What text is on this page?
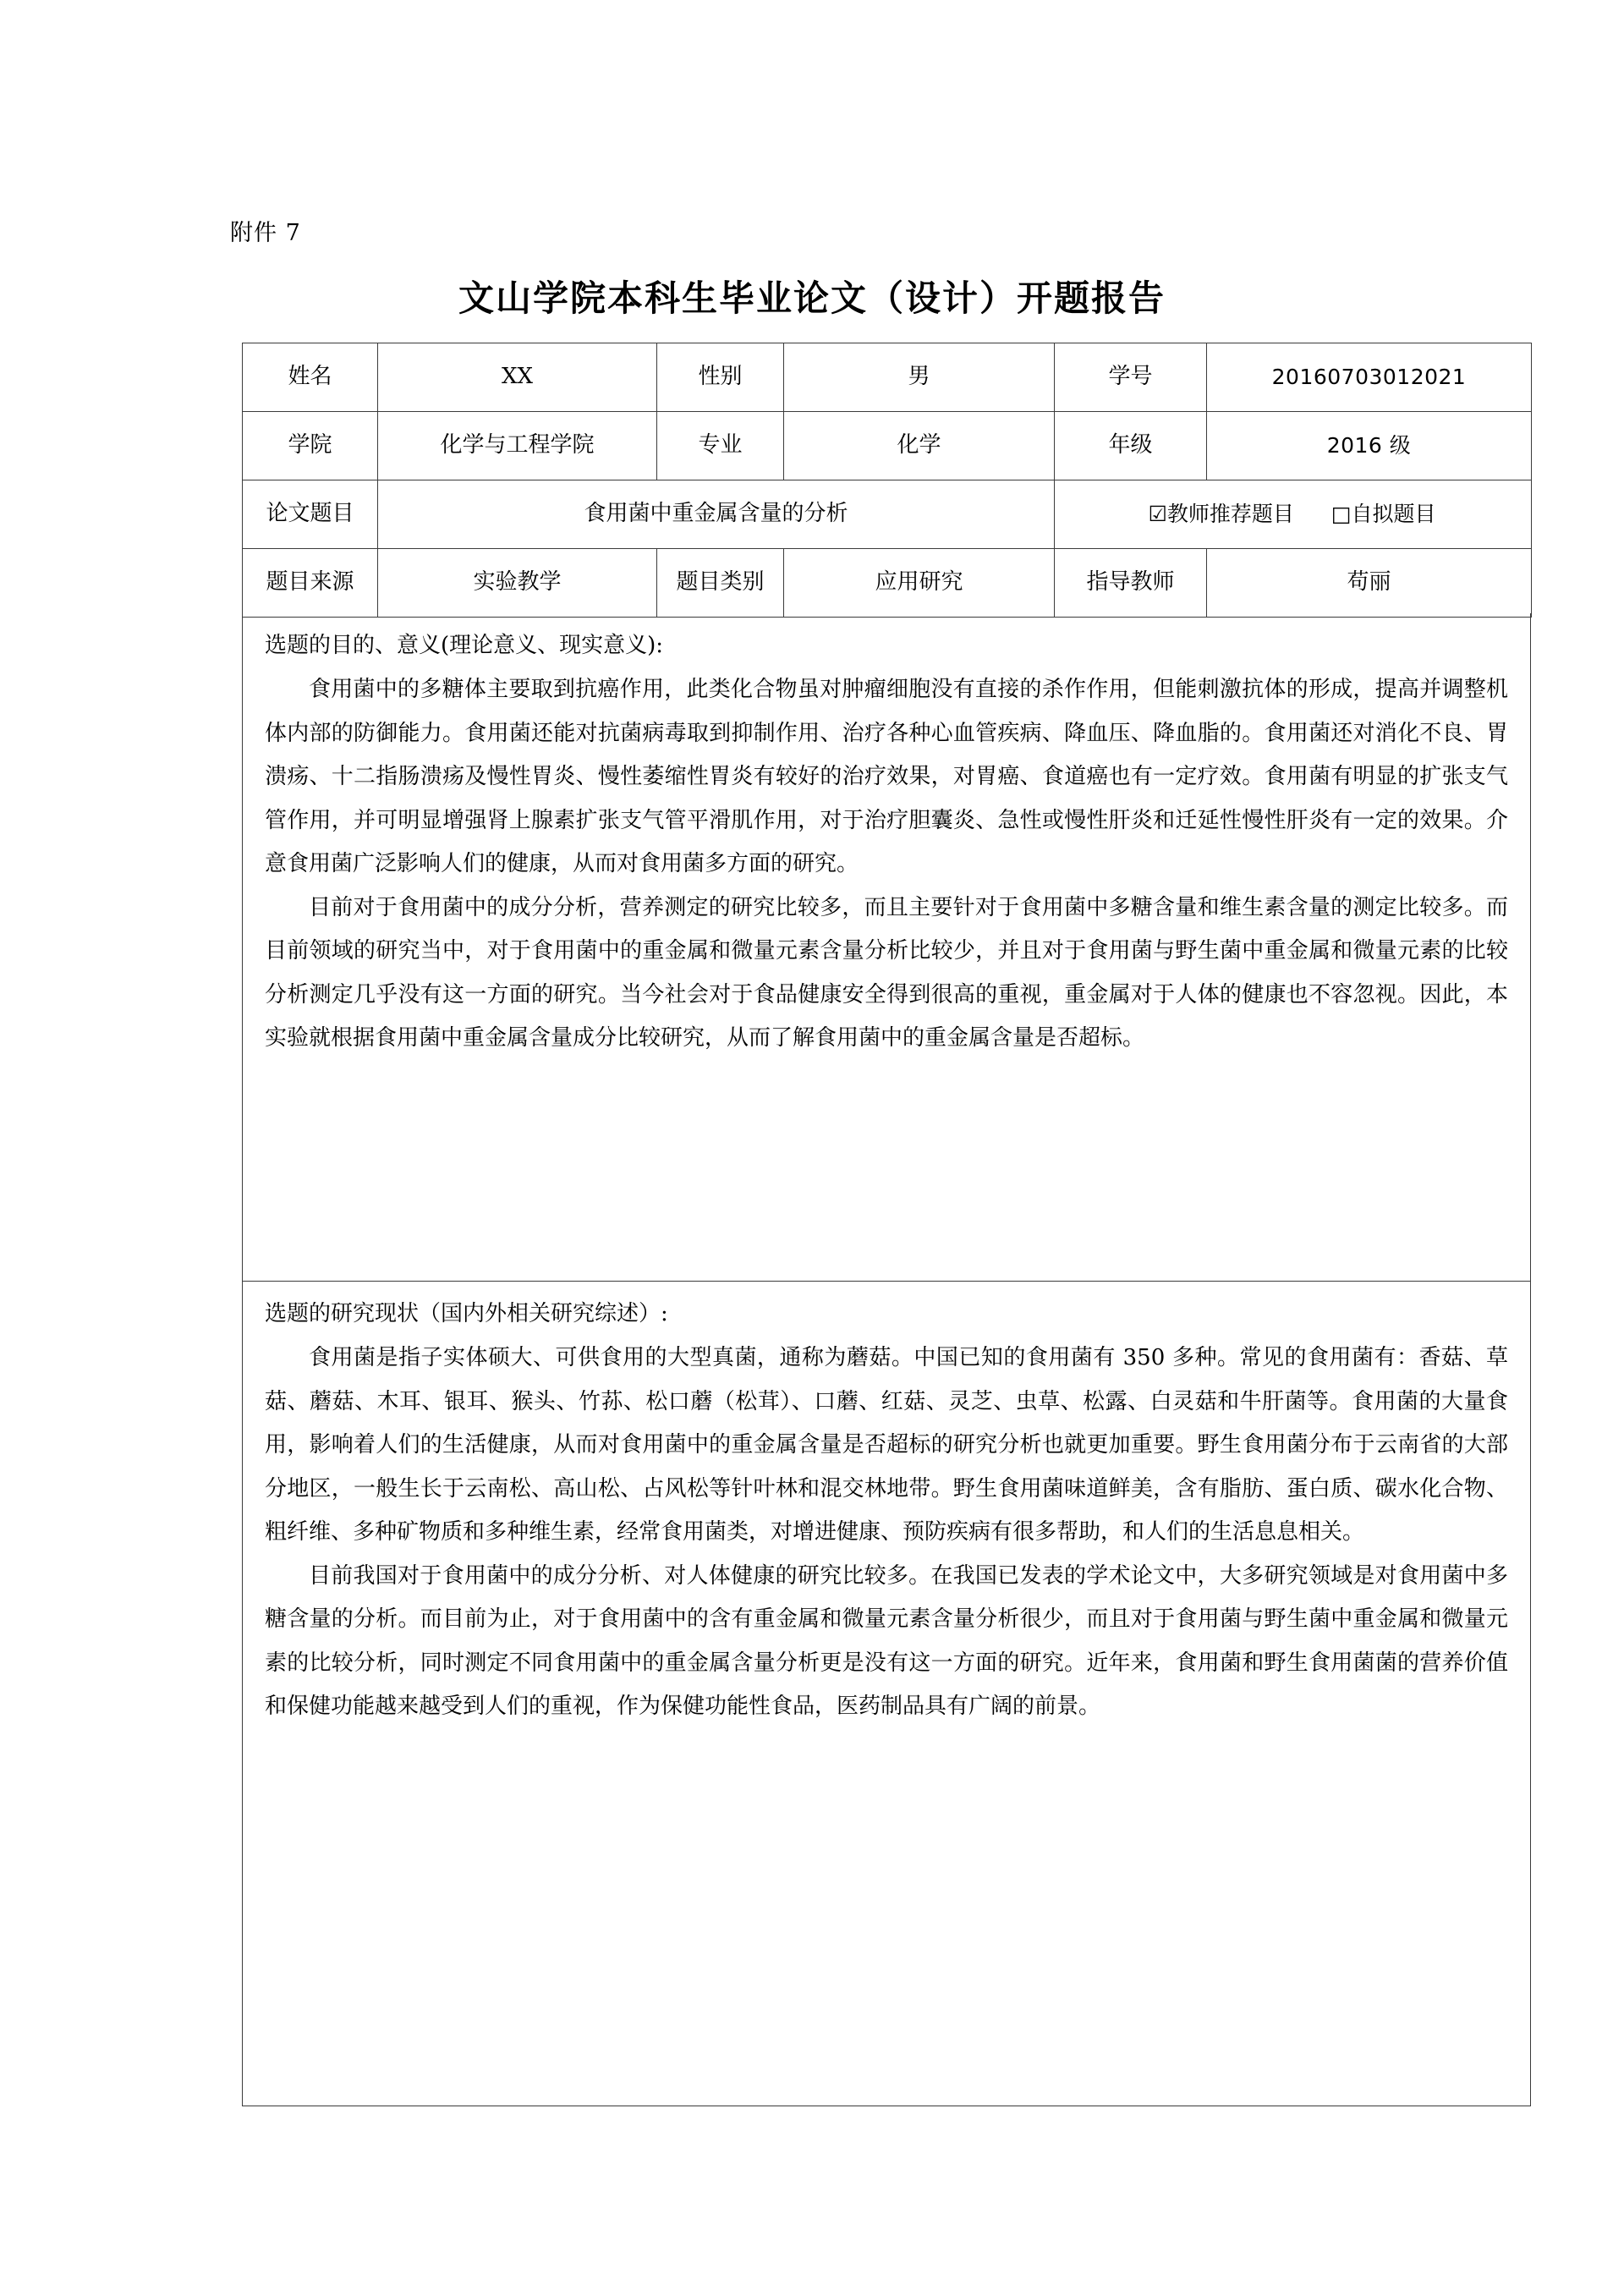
附件 7
文山学院本科生毕业论文（设计）开题报告
姓名	XX	性别	男	学号	20160703012021
学院	化学与工程学院	专业	化学	年级	2016 级
论文题目	食用菌中重金属含量的分析			☑教师推荐题目 □自拟题目	
题目来源	实验教学	题目类别	应用研究	指导教师	苟丽

选题的目的、意义(理论意义、现实意义):

食用菌中的多糖体主要取到抗癌作用，此类化合物虽对肿瘤细胞没有直接的杀作作用，但能刺激抗体的形成，提高并调整机体内部的防御能力。食用菌还能对抗菌病毒取到抑制作用、治疗各种心血管疾病、降血压、降血脂的。食用菌还对消化不良、胃溃疡、十二指肠溃疡及慢性胃炎、慢性萎缩性胃炎有较好的治疗效果，对胃癌、食道癌也有一定疗效。食用菌有明显的扩张支气管作用，并可明显增强肾上腺素扩张支气管平滑肌作用，对于治疗胆囊炎、急性或慢性肝炎和迁延性慢性肝炎有一定的效果。介意食用菌广泛影响人们的健康，从而对食用菌多方面的研究。

目前对于食用菌中的成分分析，营养测定的研究比较多，而且主要针对于食用菌中多糖含量和维生素含量的测定比较多。而目前领域的研究当中，对于食用菌中的重金属和微量元素含量分析比较少，并且对于食用菌与野生菌中重金属和微量元素的比较分析测定几乎没有这一方面的研究。当今社会对于食品健康安全得到很高的重视，重金属对于人体的健康也不容忽视。因此，本实验就根据食用菌中重金属含量成分比较研究，从而了解食用菌中的重金属含量是否超标。

选题的研究现状（国内外相关研究综述）:

食用菌是指子实体硕大、可供食用的大型真菌，通称为蘑菇。中国已知的食用菌有 350 多种。常见的食用菌有：香菇、草菇、蘑菇、木耳、银耳、猴头、竹荪、松口蘑（松茸）、口蘑、红菇、灵芝、虫草、松露、白灵菇和牛肝菌等。食用菌的大量食用，影响着人们的生活健康，从而对食用菌中的重金属含量是否超标的研究分析也就更加重要。野生食用菌分布于云南省的大部分地区，一般生长于云南松、高山松、占风松等针叶林和混交林地带。野生食用菌味道鲜美，含有脂肪、蛋白质、碳水化合物、粗纤维、多种矿物质和多种维生素，经常食用菌类，对增进健康、预防疾病有很多帮助，和人们的生活息息相关。

目前我国对于食用菌中的成分分析、对人体健康的研究比较多。在我国已发表的学术论文中，大多研究领域是对食用菌中多糖含量的分析。而目前为止，对于食用菌中的含有重金属和微量元素含量分析很少，而且对于食用菌与野生菌中重金属和微量元素的比较分析，同时测定不同食用菌中的重金属含量分析更是没有这一方面的研究。近年来，食用菌和野生食用菌菌的营养价值和保健功能越来越受到人们的重视，作为保健功能性食品，医药制品具有广阔的前景。
